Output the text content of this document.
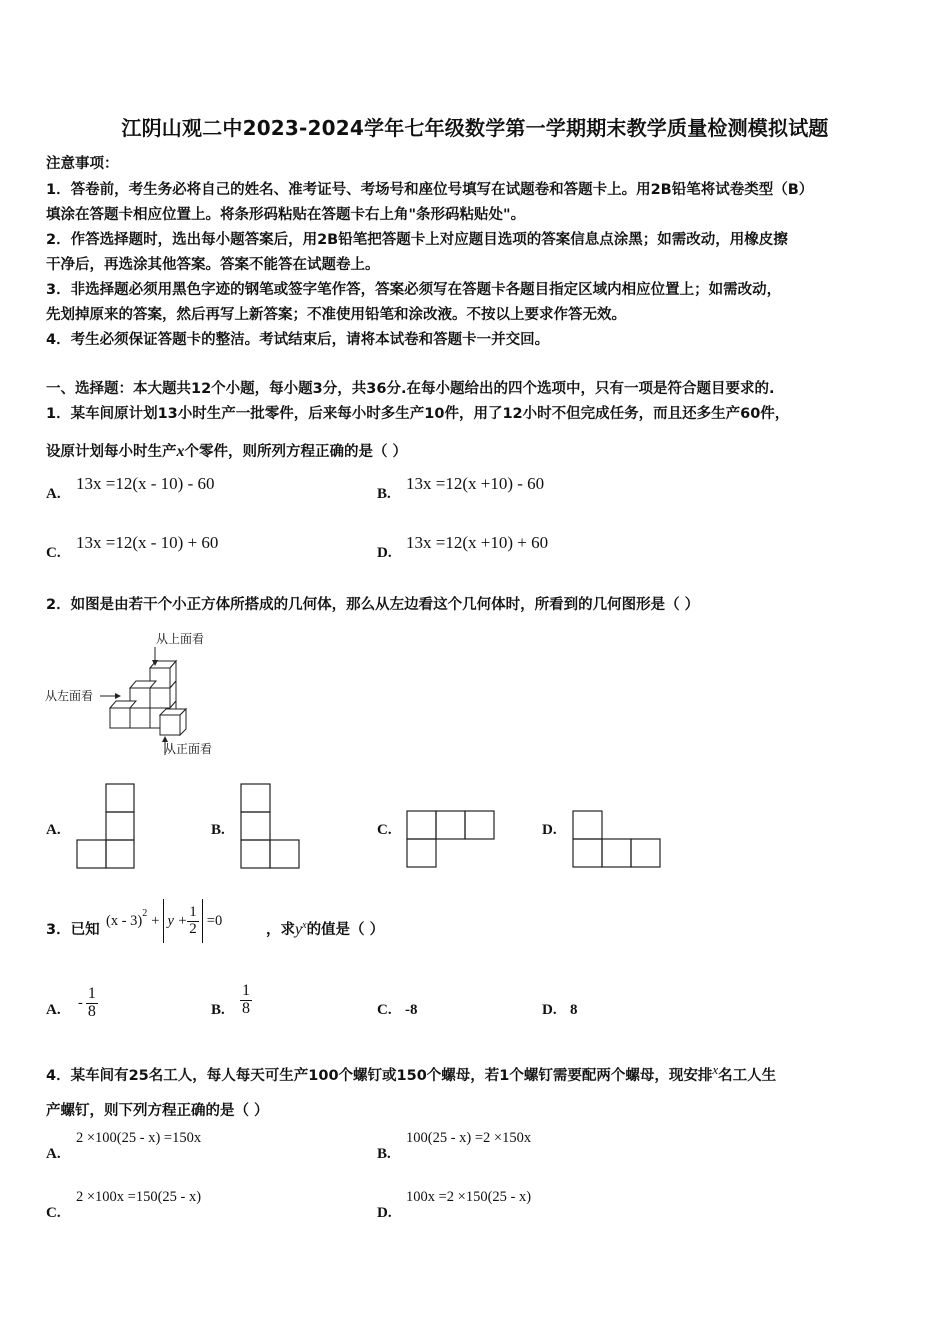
江阴山观二中2023-2024学年七年级数学第一学期期末教学质量检测模拟试题
注意事项：
1．答卷前，考生务必将自己的姓名、准考证号、考场号和座位号填写在试题卷和答题卡上。用2B铅笔将试卷类型（B）
填涂在答题卡相应位置上。将条形码粘贴在答题卡右上角"条形码粘贴处"。
2．作答选择题时，选出每小题答案后，用2B铅笔把答题卡上对应题目选项的答案信息点涂黑；如需改动，用橡皮擦
干净后，再选涂其他答案。答案不能答在试题卷上。
3．非选择题必须用黑色字迹的钢笔或签字笔作答，答案必须写在答题卡各题目指定区域内相应位置上；如需改动，
先划掉原来的答案，然后再写上新答案；不准使用铅笔和涂改液。不按以上要求作答无效。
4．考生必须保证答题卡的整洁。考试结束后，请将本试卷和答题卡一并交回。
一、选择题：本大题共12个小题，每小题3分，共36分.在每小题给出的四个选项中，只有一项是符合题目要求的.
1．某车间原计划13小时生产一批零件，后来每小时多生产10件，用了12小时不但完成任务，而且还多生产60件，
设原计划每小时生产x个零件，则所列方程正确的是（ ）
A.
13x =12(x - 10) - 60
B.
13x =12(x +10) - 60
C.
13x =12(x - 10) + 60
D.
13x =12(x +10) + 60
2．如图是由若干个小正方体所搭成的几何体，那么从左边看这个几何体时，所看到的几何图形是（ ）
从上面看
从左面看
从正面看
A.	B.	C.	D.
3．已知
$(x - 3)^2 + y + \frac{1}{2} =0$
，求$y^x$的值是（ ）
A. - $\frac{1}{8}$	B. $\frac{1}{8}$	C. -8	D. 8
4．某车间有25名工人，每人每天可生产100个螺钉或150个螺母，若1个螺钉需要配两个螺母，现安排$^x$名工人生
产螺钉，则下列方程正确的是（ ）
A.
2 ×100(25 - x) =150x
B.
100(25 - x) =2 ×150x
C.
2 ×100x =150(25 - x)
D.
100x =2 ×150(25 - x)
